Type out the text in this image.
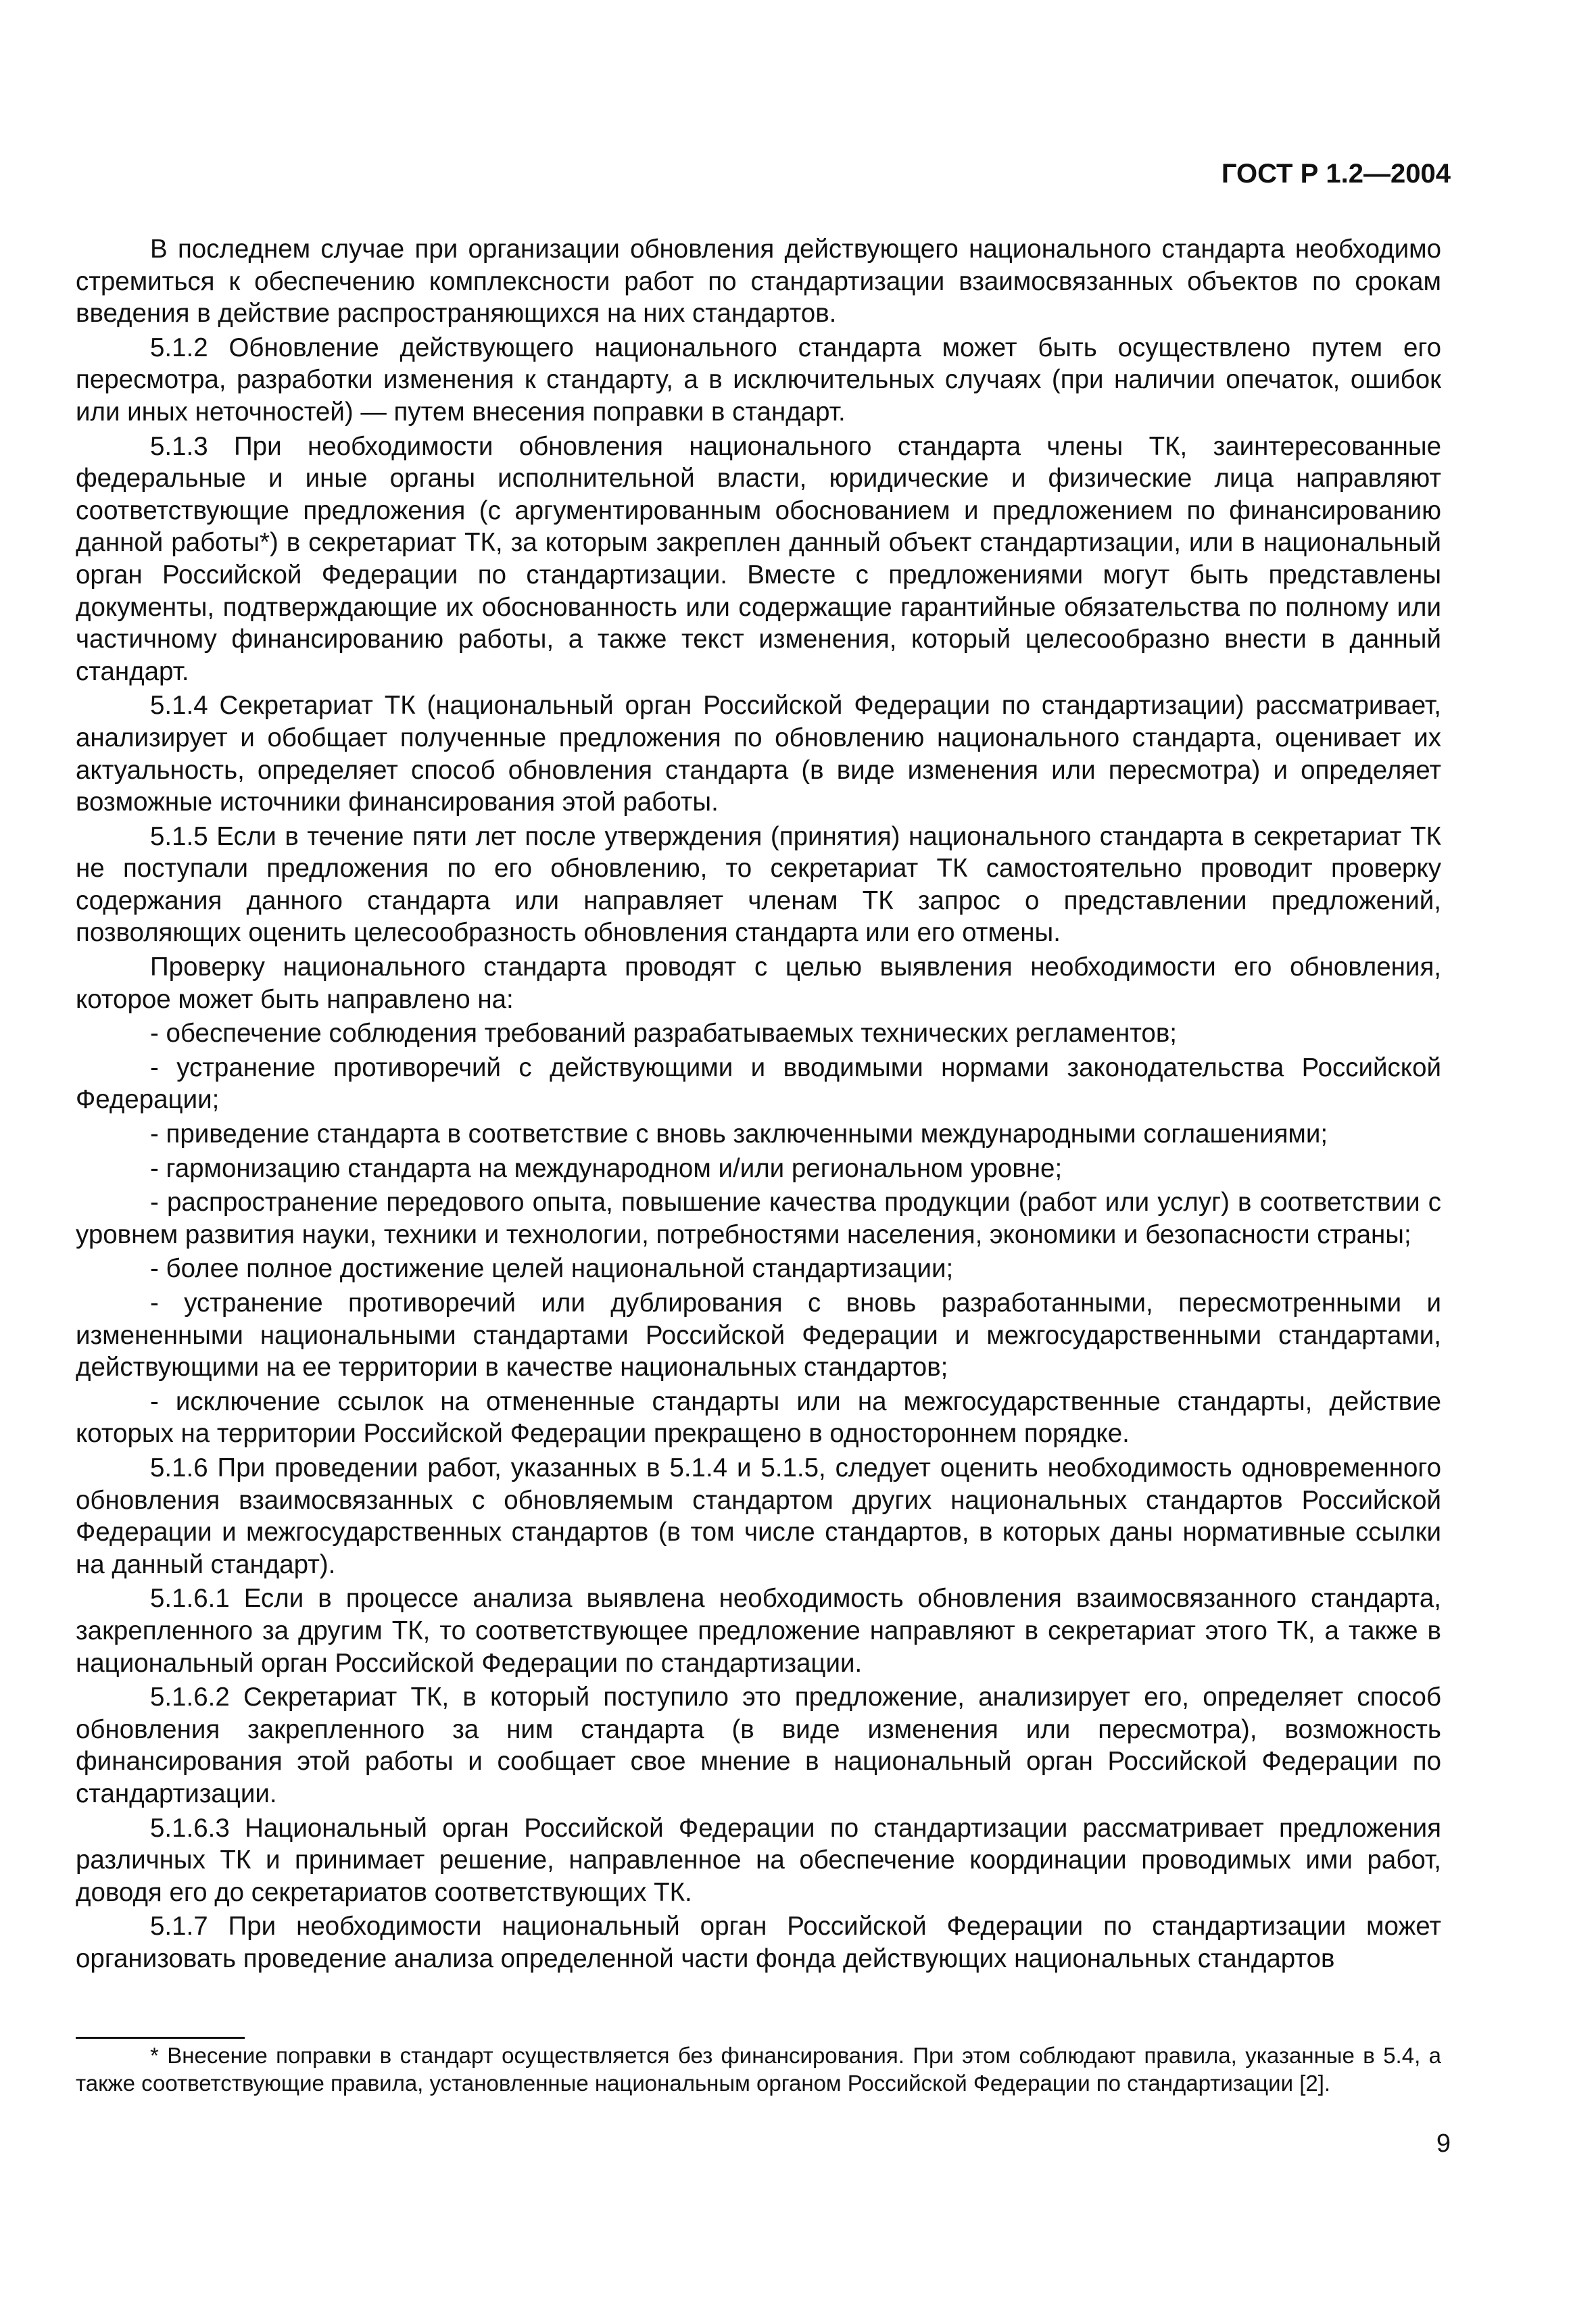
ГОСТ Р 1.2—2004

В последнем случае при организации обновления действующего национального стандарта необходимо стремиться к обеспечению комплексности работ по стандартизации взаимосвязанных объектов по срокам введения в действие распространяющихся на них стандартов.

5.1.2 Обновление действующего национального стандарта может быть осуществлено путем его пересмотра, разработки изменения к стандарту, а в исключительных случаях (при наличии опечаток, ошибок или иных неточностей) — путем внесения поправки в стандарт.

5.1.3 При необходимости обновления национального стандарта члены ТК, заинтересованные федеральные и иные органы исполнительной власти, юридические и физические лица направляют соответствующие предложения (с аргументированным обоснованием и предложением по финансированию данной работы*) в секретариат ТК, за которым закреплен данный объект стандартизации, или в национальный орган Российской Федерации по стандартизации. Вместе с предложениями могут быть представлены документы, подтверждающие их обоснованность или содержащие гарантийные обязательства по полному или частичному финансированию работы, а также текст изменения, который целесообразно внести в данный стандарт.

5.1.4 Секретариат ТК (национальный орган Российской Федерации по стандартизации) рассматривает, анализирует и обобщает полученные предложения по обновлению национального стандарта, оценивает их актуальность, определяет способ обновления стандарта (в виде изменения или пересмотра) и определяет возможные источники финансирования этой работы.

5.1.5 Если в течение пяти лет после утверждения (принятия) национального стандарта в секретариат ТК не поступали предложения по его обновлению, то секретариат ТК самостоятельно проводит проверку содержания данного стандарта или направляет членам ТК запрос о представлении предложений, позволяющих оценить целесообразность обновления стандарта или его отмены.

Проверку национального стандарта проводят с целью выявления необходимости его обновления, которое может быть направлено на:

- обеспечение соблюдения требований разрабатываемых технических регламентов;

- устранение противоречий с действующими и вводимыми нормами законодательства Российской Федерации;

- приведение стандарта в соответствие с вновь заключенными международными соглашениями;

- гармонизацию стандарта на международном и/или региональном уровне;

- распространение передового опыта, повышение качества продукции (работ или услуг) в соответствии с уровнем развития науки, техники и технологии, потребностями населения, экономики и безопасности страны;

- более полное достижение целей национальной стандартизации;

- устранение противоречий или дублирования с вновь разработанными, пересмотренными и измененными национальными стандартами Российской Федерации и межгосударственными стандартами, действующими на ее территории в качестве национальных стандартов;

- исключение ссылок на отмененные стандарты или на межгосударственные стандарты, действие которых на территории Российской Федерации прекращено в одностороннем порядке.

5.1.6 При проведении работ, указанных в 5.1.4 и 5.1.5, следует оценить необходимость одновременного обновления взаимосвязанных с обновляемым стандартом других национальных стандартов Российской Федерации и межгосударственных стандартов (в том числе стандартов, в которых даны нормативные ссылки на данный стандарт).

5.1.6.1 Если в процессе анализа выявлена необходимость обновления взаимосвязанного стандарта, закрепленного за другим ТК, то соответствующее предложение направляют в секретариат этого ТК, а также в национальный орган Российской Федерации по стандартизации.

5.1.6.2 Секретариат ТК, в который поступило это предложение, анализирует его, определяет способ обновления закрепленного за ним стандарта (в виде изменения или пересмотра), возможность финансирования этой работы и сообщает свое мнение в национальный орган Российской Федерации по стандартизации.

5.1.6.3 Национальный орган Российской Федерации по стандартизации рассматривает предложения различных ТК и принимает решение, направленное на обеспечение координации проводимых ими работ, доводя его до секретариатов соответствующих ТК.

5.1.7 При необходимости национальный орган Российской Федерации по стандартизации может организовать проведение анализа определенной части фонда действующих национальных стандартов

* Внесение поправки в стандарт осуществляется без финансирования. При этом соблюдают правила, указанные в 5.4, а также соответствующие правила, установленные национальным органом Российской Федерации по стандартизации [2].
9
